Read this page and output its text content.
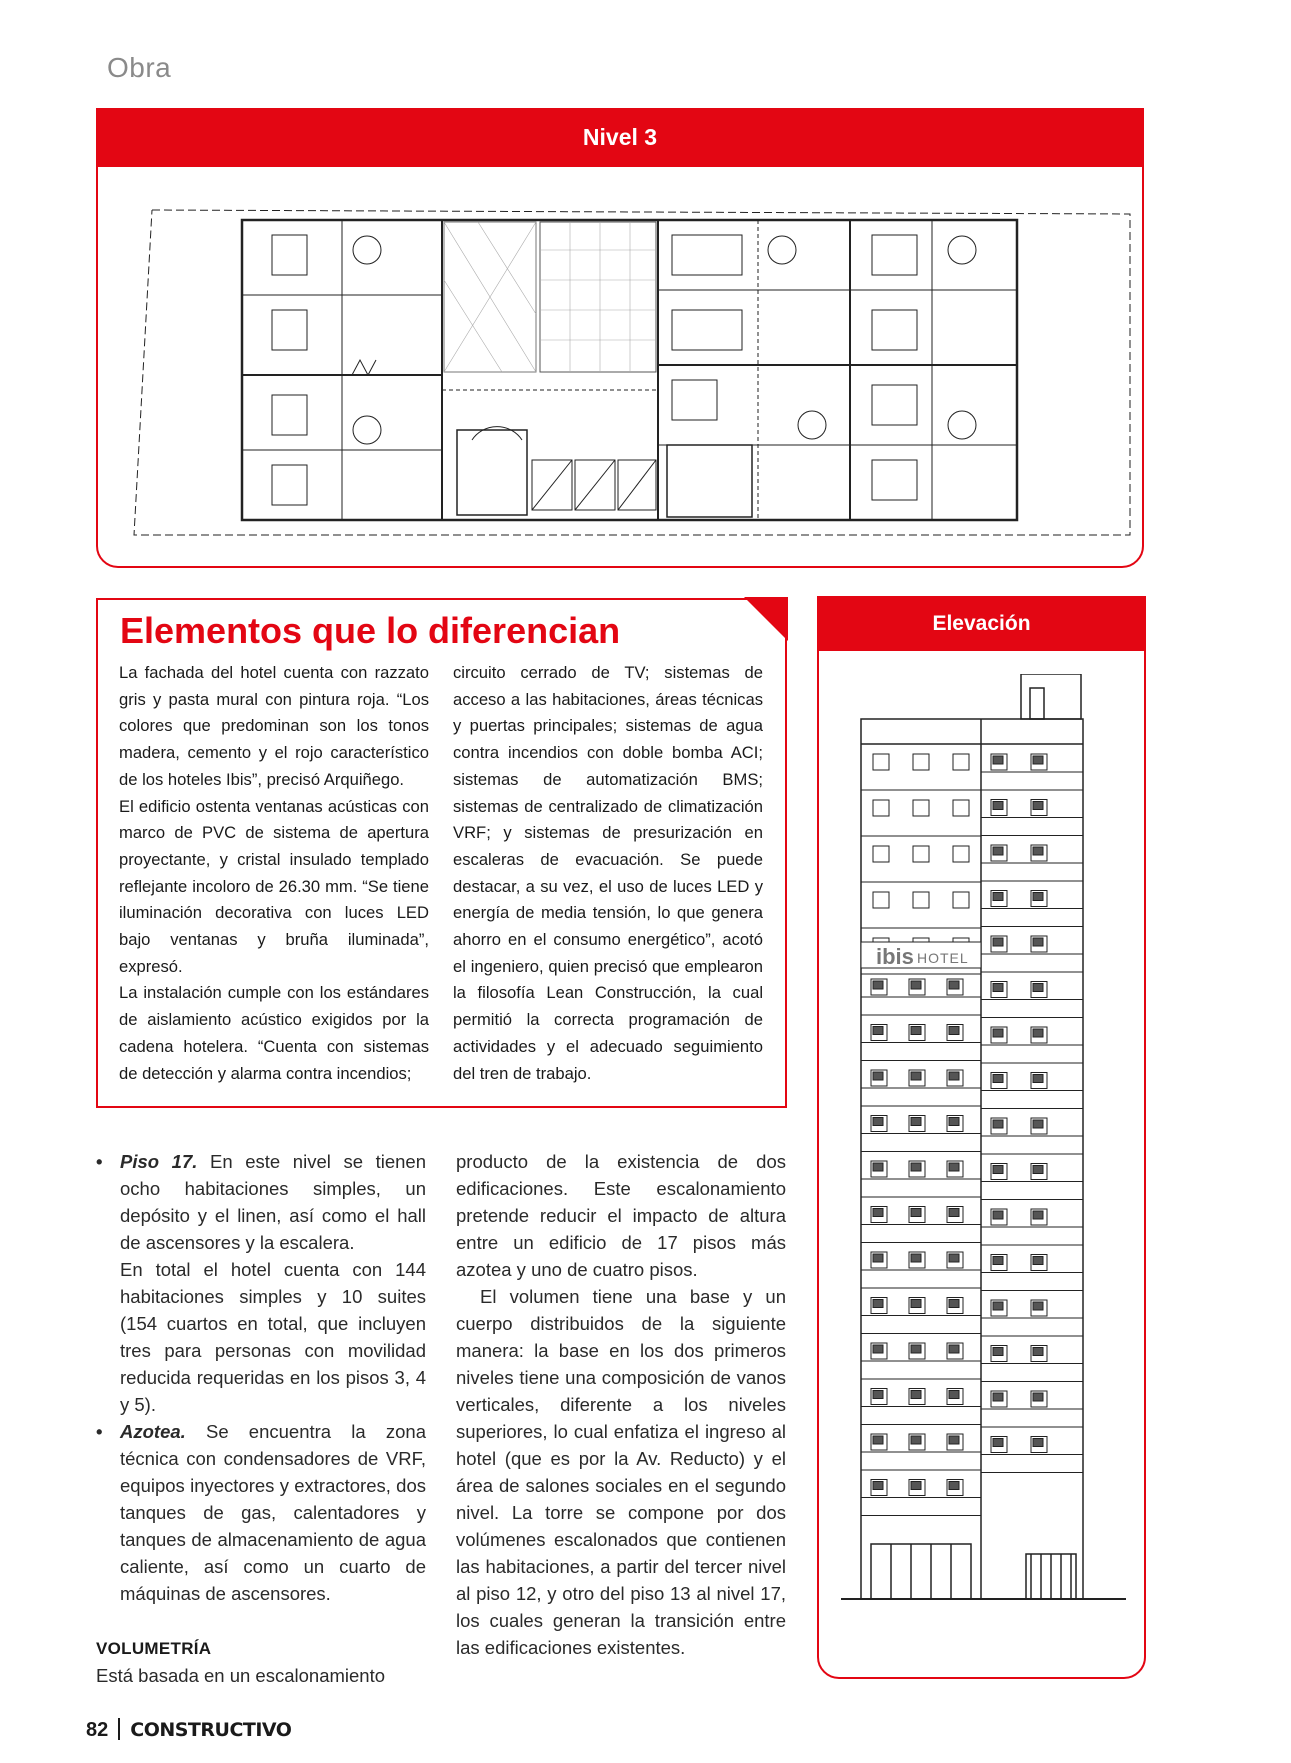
Obra
Nivel 3
Elementos que lo diferencian

La fachada del hotel cuenta con razzato gris y pasta mural con pintura roja. “Los colores que predominan son los tonos madera, cemento y el rojo característico de los hoteles Ibis”, precisó Arquiñego.

El edificio ostenta ventanas acústicas con marco de PVC de sistema de apertura proyectante, y cristal insulado templado reflejante incoloro de 26.30 mm. “Se tiene iluminación decorativa con luces LED bajo ventanas y bruña iluminada”, expresó.

La instalación cumple con los estándares de aislamiento acústico exigidos por la cadena hotelera. “Cuenta con sistemas de detección y alarma contra incendios;

circuito cerrado de TV; sistemas de acceso a las habitaciones, áreas técnicas y puertas principales; sistemas de agua contra incendios con doble bomba ACI; sistemas de automatización BMS; sistemas de centralizado de climatización VRF; y sistemas de presurización en escaleras de evacuación. Se puede destacar, a su vez, el uso de luces LED y energía de media tensión, lo que genera ahorro en el consumo energético”, acotó el ingeniero, quien precisó que emplearon la filosofía Lean Construcción, la cual permitió la correcta programación de actividades y el adecuado seguimiento del tren de trabajo.

• Piso 17. En este nivel se tienen ocho habitaciones simples, un depósito y el linen, así como el hall de ascensores y la escalera.

En total el hotel cuenta con 144 habitaciones simples y 10 suites (154 cuartos en total, que incluyen tres para personas con movilidad reducida requeridas en los pisos 3, 4 y 5).

• Azotea. Se encuentra la zona técnica con condensadores de VRF, equipos inyectores y extractores, dos tanques de gas, calentadores y tanques de almacenamiento de agua caliente, así como un cuarto de máquinas de ascensores.
VOLUMETRÍA

Está basada en un escalonamiento

producto de la existencia de dos edificaciones. Este escalonamiento pretende reducir el impacto de altura entre un edificio de 17 pisos más azotea y uno de cuatro pisos.

El volumen tiene una base y un cuerpo distribuidos de la siguiente manera: la base en los dos primeros niveles tiene una composición de vanos verticales, diferente a los niveles superiores, lo cual enfatiza el ingreso al hotel (que es por la Av. Reducto) y el área de salones sociales en el segundo nivel. La torre se compone por dos volúmenes escalonados que contienen las habitaciones, a partir del tercer nivel al piso 12, y otro del piso 13 al nivel 17, los cuales generan la transición entre las edificaciones existentes.

Elevación
ibis HOTEL
82 CONSTRUCTIVO
